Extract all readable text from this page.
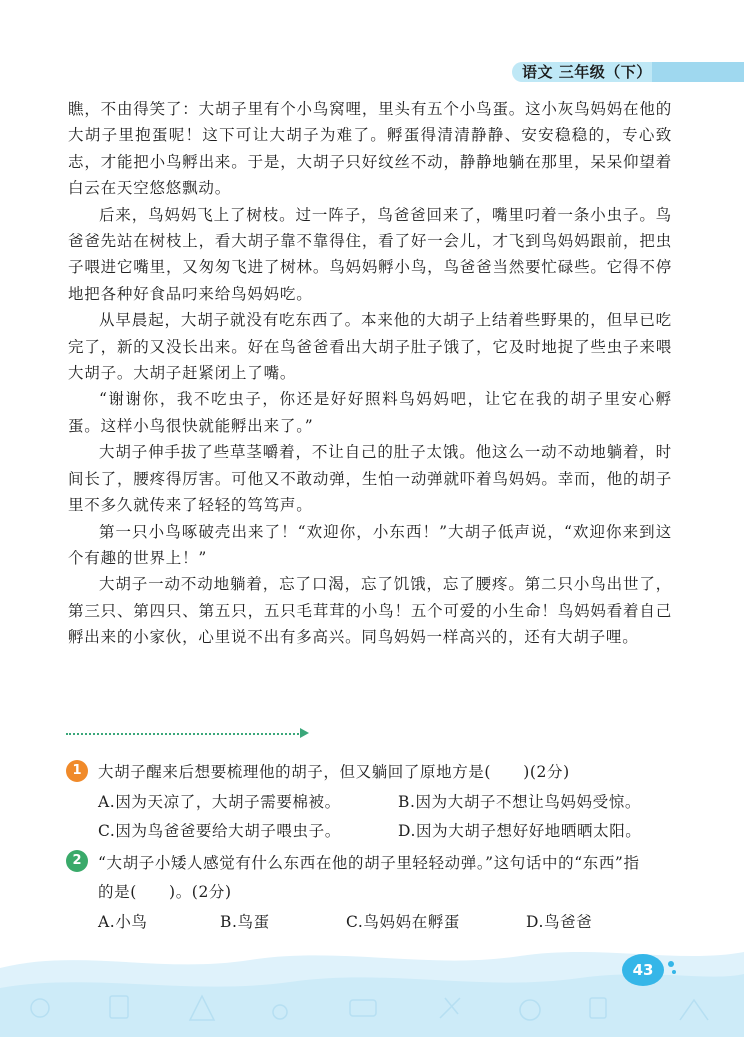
语文 三年级（下）

瞧，不由得笑了：大胡子里有个小鸟窝哩，里头有五个小鸟蛋。这小灰鸟妈妈在他的大胡子里抱蛋呢！这下可让大胡子为难了。孵蛋得清清静静、安安稳稳的，专心致志，才能把小鸟孵出来。于是，大胡子只好纹丝不动，静静地躺在那里，呆呆仰望着白云在天空悠悠飘动。

后来，鸟妈妈飞上了树枝。过一阵子，鸟爸爸回来了，嘴里叼着一条小虫子。鸟爸爸先站在树枝上，看大胡子靠不靠得住，看了好一会儿，才飞到鸟妈妈跟前，把虫子喂进它嘴里，又匆匆飞进了树林。鸟妈妈孵小鸟，鸟爸爸当然要忙碌些。它得不停地把各种好食品叼来给鸟妈妈吃。

从早晨起，大胡子就没有吃东西了。本来他的大胡子上结着些野果的，但早已吃完了，新的又没长出来。好在鸟爸爸看出大胡子肚子饿了，它及时地捉了些虫子来喂大胡子。大胡子赶紧闭上了嘴。

“谢谢你，我不吃虫子，你还是好好照料鸟妈妈吧，让它在我的胡子里安心孵蛋。这样小鸟很快就能孵出来了。”

大胡子伸手拔了些草茎嚼着，不让自己的肚子太饿。他这么一动不动地躺着，时间长了，腰疼得厉害。可他又不敢动弹，生怕一动弹就吓着鸟妈妈。幸而，他的胡子里不多久就传来了轻轻的笃笃声。

第一只小鸟啄破壳出来了！“欢迎你，小东西！”大胡子低声说，“欢迎你来到这个有趣的世界上！”

大胡子一动不动地躺着，忘了口渴，忘了饥饿，忘了腰疼。第二只小鸟出世了，第三只、第四只、第五只，五只毛茸茸的小鸟！五个可爱的小生命！鸟妈妈看着自己孵出来的小家伙，心里说不出有多高兴。同鸟妈妈一样高兴的，还有大胡子哩。

1	大胡子醒来后想要梳理他的胡子，但又躺回了原地方是(　　)(2分)
A.因为天凉了，大胡子需要棉被。	B.因为大胡子不想让鸟妈妈受惊。
C.因为鸟爸爸要给大胡子喂虫子。	D.因为大胡子想好好地晒晒太阳。
2	“大胡子小矮人感觉有什么东西在他的胡子里轻轻动弹。”这句话中的“东西”指
的是(　　)。(2分)
A.小鸟	B.鸟蛋	C.鸟妈妈在孵蛋	D.鸟爸爸
43
